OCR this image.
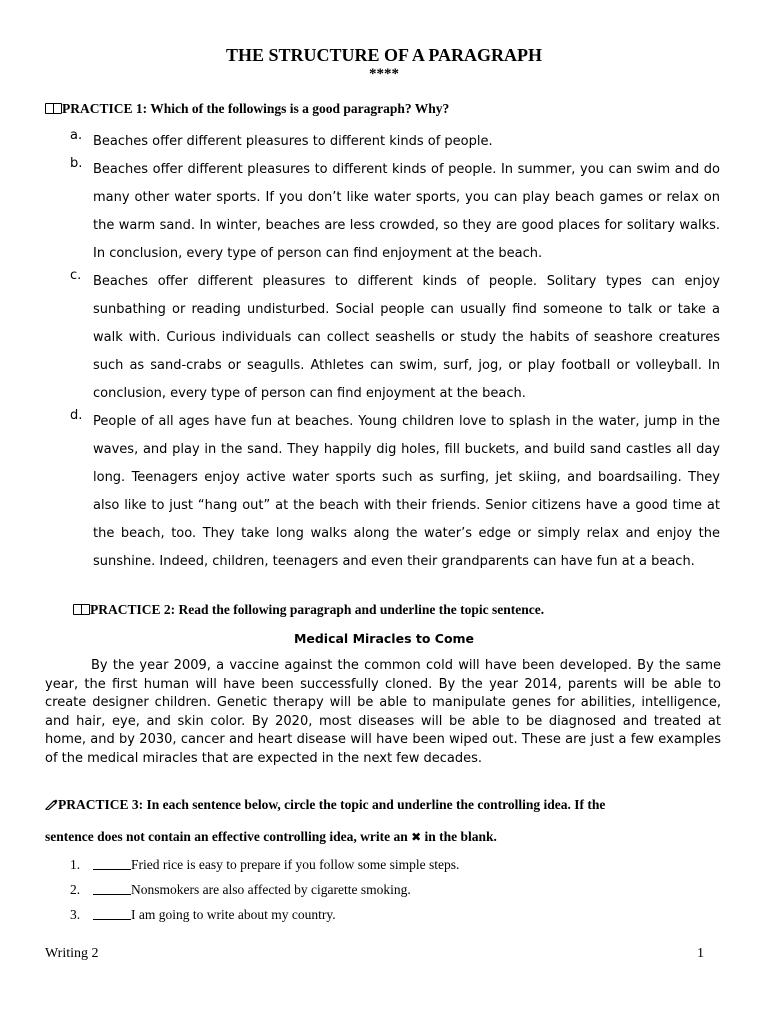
THE STRUCTURE OF A PARAGRAPH
****
PRACTICE 1: Which of the followings is a good paragraph? Why?
a. Beaches offer different pleasures to different kinds of people.
b. Beaches offer different pleasures to different kinds of people. In summer, you can swim and do many other water sports. If you don’t like water sports, you can play beach games or relax on the warm sand. In winter, beaches are less crowded, so they are good places for solitary walks. In conclusion, every type of person can find enjoyment at the beach.
c. Beaches offer different pleasures to different kinds of people. Solitary types can enjoy sunbathing or reading undisturbed. Social people can usually find someone to talk or take a walk with. Curious individuals can collect seashells or study the habits of seashore creatures such as sand-crabs or seagulls. Athletes can swim, surf, jog, or play football or volleyball. In conclusion, every type of person can find enjoyment at the beach.
d. People of all ages have fun at beaches. Young children love to splash in the water, jump in the waves, and play in the sand. They happily dig holes, fill buckets, and build sand castles all day long. Teenagers enjoy active water sports such as surfing, jet skiing, and boardsailing. They also like to just “hang out” at the beach with their friends. Senior citizens have a good time at the beach, too. They take long walks along the water’s edge or simply relax and enjoy the sunshine. Indeed, children, teenagers and even their grandparents can have fun at a beach.
PRACTICE 2: Read the following paragraph and underline the topic sentence.
Medical Miracles to Come
By the year 2009, a vaccine against the common cold will have been developed. By the same year, the first human will have been successfully cloned. By the year 2014, parents will be able to create designer children. Genetic therapy will be able to manipulate genes for abilities, intelligence, and hair, eye, and skin color. By 2020, most diseases will be able to be diagnosed and treated at home, and by 2030, cancer and heart disease will have been wiped out. These are just a few examples of the medical miracles that are expected in the next few decades.
PRACTICE 3: In each sentence below, circle the topic and underline the controlling idea. If the
sentence does not contain an effective controlling idea, write an ✖ in the blank.
1.	Fried rice is easy to prepare if you follow some simple steps.
2.	Nonsmokers are also affected by cigarette smoking.
3.	I am going to write about my country.
Writing 2	1
